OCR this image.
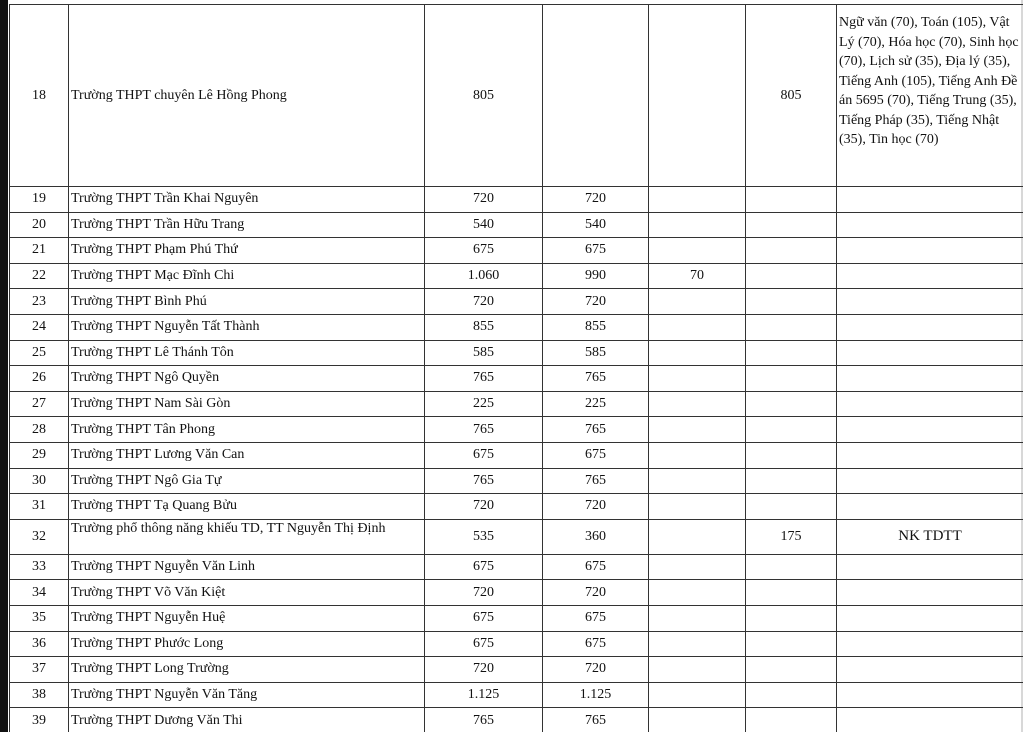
18	Trường THPT chuyên Lê Hồng Phong	805			805	Ngữ văn (70), Toán (105), Vật Lý (70), Hóa học (70), Sinh học (70), Lịch sử (35), Địa lý (35), Tiếng Anh (105), Tiếng Anh Đề án 5695 (70), Tiếng Trung (35), Tiếng Pháp (35), Tiếng Nhật (35), Tin học (70)
19	Trường THPT Trần Khai Nguyên	720	720			
20	Trường THPT Trần Hữu Trang	540	540			
21	Trường THPT Phạm Phú Thứ	675	675			
22	Trường THPT Mạc Đĩnh Chi	1.060	990	70		
23	Trường THPT Bình Phú	720	720			
24	Trường THPT Nguyễn Tất Thành	855	855			
25	Trường THPT Lê Thánh Tôn	585	585			
26	Trường THPT Ngô Quyền	765	765			
27	Trường THPT Nam Sài Gòn	225	225			
28	Trường THPT Tân Phong	765	765			
29	Trường THPT Lương Văn Can	675	675			
30	Trường THPT Ngô Gia Tự	765	765			
31	Trường THPT Tạ Quang Bửu	720	720			
32	Trường phổ thông năng khiếu TD, TT Nguyễn Thị Định	535	360		175	NK TDTT
33	Trường THPT Nguyễn Văn Linh	675	675			
34	Trường THPT Võ Văn Kiệt	720	720			
35	Trường THPT Nguyễn Huệ	675	675			
36	Trường THPT Phước Long	675	675			
37	Trường THPT Long Trường	720	720			
38	Trường THPT Nguyễn Văn Tăng	1.125	1.125			
39	Trường THPT Dương Văn Thi	765	765			
